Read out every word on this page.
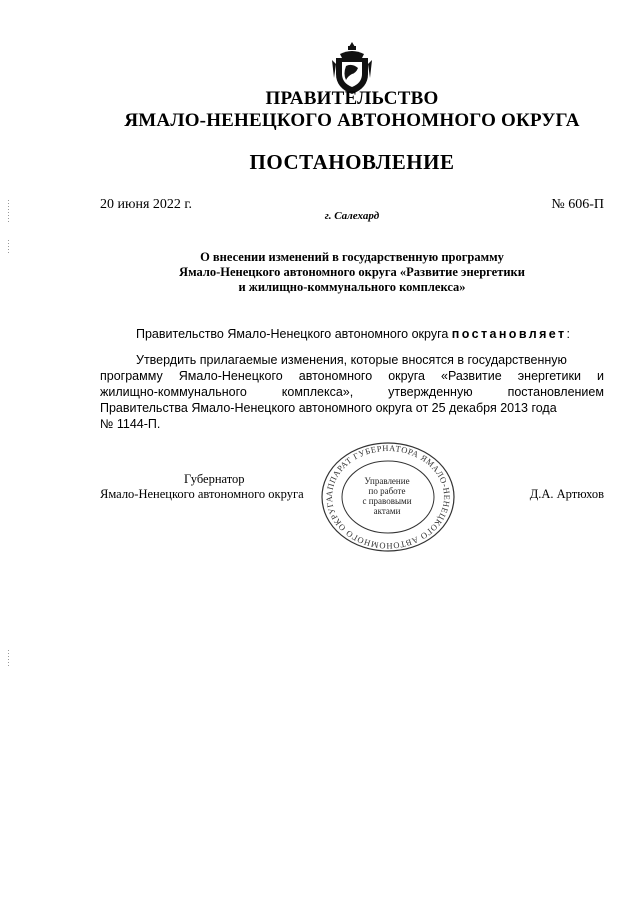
ПРАВИТЕЛЬСТВО
ЯМАЛО-НЕНЕЦКОГО АВТОНОМНОГО ОКРУГА
ПОСТАНОВЛЕНИЕ
20 июня 2022 г.	№ 606-П
г. Салехард
О внесении изменений в государственную программу
Ямало-Ненецкого автономного округа «Развитие энергетики
и жилищно-коммунального комплекса»
Правительство Ямало-Ненецкого автономного округа постановляет:
Утвердить прилагаемые изменения, которые вносятся в государственную
программу Ямало-Ненецкого автономного округа «Развитие энергетики и
жилищно-коммунального	комплекса»,	утвержденную	постановлением
Правительства Ямало-Ненецкого автономного округа от 25 декабря 2013 года
№ 1144-П.
АППАРАТ ГУБЕРНАТОРА ЯМАЛО-НЕНЕЦКОГО АВТОНОМНОГО ОКРУГА
Управление
по работе
с правовыми
актами
Губернатор
Ямало-Ненецкого автономного округа	Д.А. Артюхов
